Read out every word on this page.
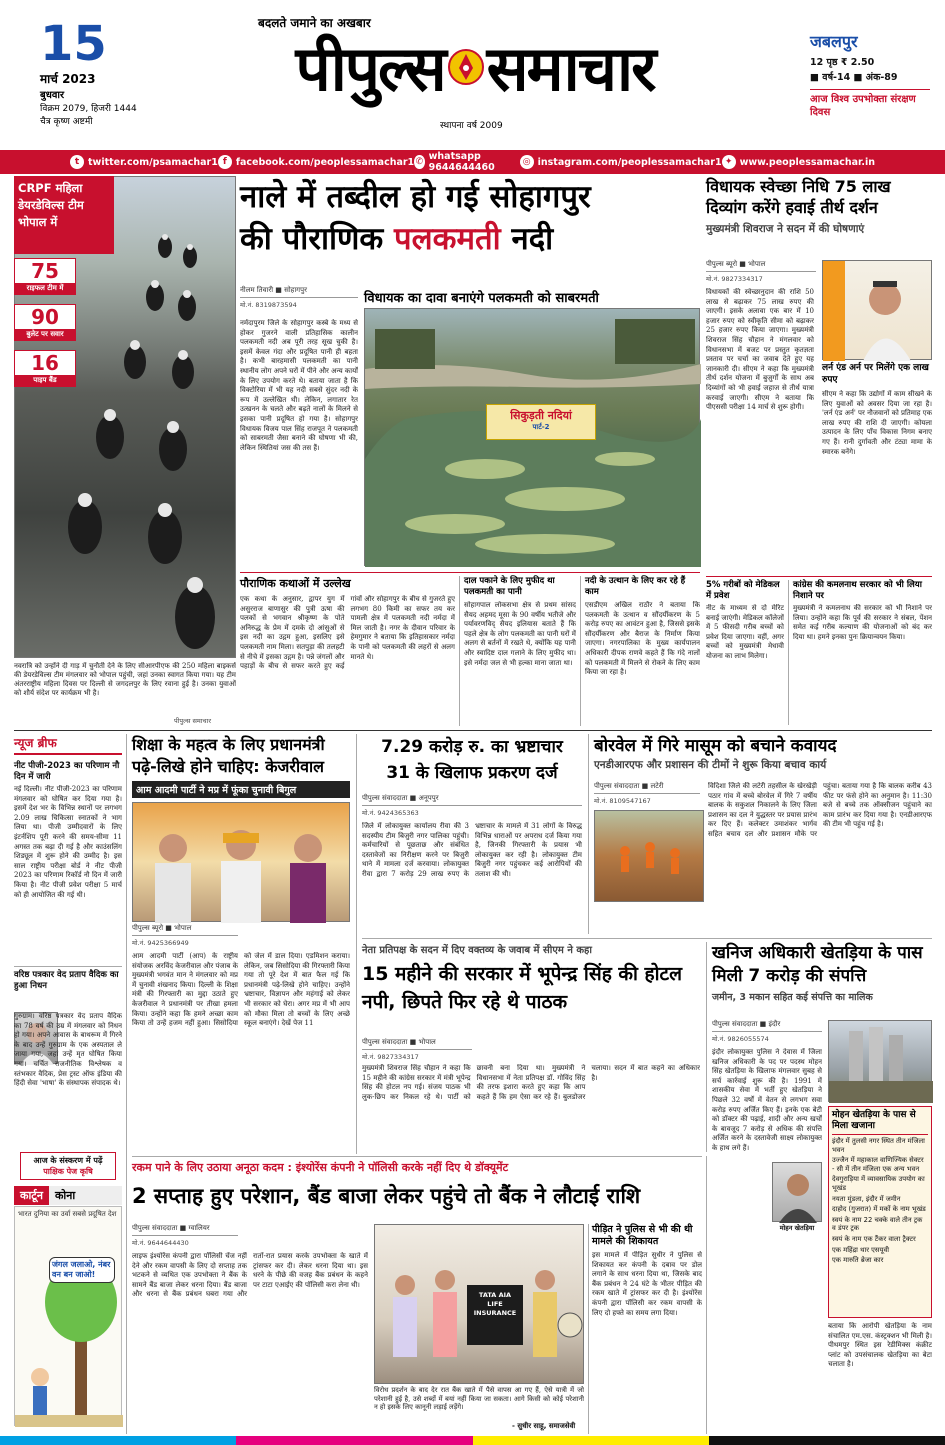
15
मार्च 2023
बुधवार
विक्रम 2079, हिजरी 1444
चैत्र कृष्ण अष्टमी
बदलते जमाने का अखबार
पीपुल्स समाचार
स्थापना वर्ष 2009
जबलपुर
12 पृष्ठ ₹ 2.50
■ वर्ष-14 ■ अंक-89
आज विश्व उपभोक्ता संरक्षण दिवस
t twitter.com/psamachar1 f facebook.com/peoplessamachar1 ✆ whatsapp 9644644460	◎ instagram.com/peoplessamachar1 ✦ www.peoplessamachar.in
CRPF महिला डेयरडेविल्स टीम भोपाल में
75
राइफल टीम में
90
बुलेट पर सवार
16
पाइप बैंड
नवरात्रि को उन्होंने दी गाड़ में चुनौती देने के लिए सीआरपीएफ की 250 महिला बाइकर्स की डेयरडेविल्स टीम मंगलवार को भोपाल पहुंची, जहां उनका स्वागत किया गया। यह टीम अंतरराष्ट्रीय महिला दिवस पर दिल्ली से जगदलपुर के लिए रवाना हुई है। उनका युवाओं को शौर्य संदेश पर कार्यक्रम भी है।
पीपुल्स समाचार
नाले में तब्दील हो गई सोहागपुर
की पौराणिक पलकमती नदी
नीलम तिवारी ■ सोहागपुर
मो.नं. 8319873594	विधायक का दावा बनाएंगे पलकमती को साबरमती
नर्मदापुरम जिले के सोहागपुर कस्बे के मध्य से होकर गुजरने वाली प्रतिहासिक कालीन पलकमती नदी अब पूरी तरह सूख चुकी है। इसमें केवल गंदा और प्रदूषित पानी ही बहता है। कभी बारहमासी पलकमती का पानी स्थानीय लोग अपने घरों में पीने और अन्य कार्यों के लिए उपयोग करते थे। बताया जाता है कि विक्टोरिया में भी यह नदी सबसे सुंदर नदी के रूप में उल्लेखित थी। लेकिन, लगातार रेत उत्खनन के चलते और बढ़ते नालों के मिलने से इसका पानी प्रदूषित हो गया है। सोहागपुर विधायक विजय पाल सिंह राजपूत ने पलकमती को साबरमती जैसा बनाने की घोषणा भी की, लेकिन स्थितियां जस की तस हैं।
सिकुड़ती नदियां
पार्ट-2
पौराणिक कथाओं में उल्लेख
एक कथा के अनुसार, द्वापर युग में असुरराज बाणासुर की पुत्री ऊषा की पलकों से भगवान श्रीकृष्ण के पोते अनिरुद्ध के प्रेम में दमके दो आंसुओं से इस नदी का उद्गम हुआ, इसलिए इसे पलकमती नाम मिला। सतपुड़ा की तलहटी से नीचे में इसका उद्गम है। पन्ने जंगलों और पहाड़ों के बीच से सफर करते हुए कई गांवों और सोहागपुर के बीच से गुजरते हुए लगभग 80 किमी का सफर तय कर पामली क्षेत्र में पलकमती नदी नर्मदा में मिल जाती है। नगर के दीवान परिवार के हेमगुमार ने बताया कि इतिहासकार नर्मदा के पानी को पलकमती की लहरों से अलग मानते थे।
दाल पकाने के लिए मुफीद था पलकमती का पानी
सोहागपाल लोकसभा क्षेत्र से प्रथम सांसद सैयद अहमद मूसा के 90 वर्षीय भतीजे और पर्यावरणविद् सैयद इलियास बताते हैं कि पहले क्षेत्र के लोग पलकमती का पानी घरों में अलग से बर्तनों में रखते थे, क्योंकि यह पानी और स्वादिष्ट दाल गलाने के लिए मुफीद था। इसे नर्मदा जल से भी हल्का माना जाता था।
नदी के उत्थान के लिए कर रहे हैं काम
एसडीएम अखिल राठौर ने बताया कि पलकमती के उत्थान व सौंदर्यीकरण के 5 करोड़ रुपए का आवंटन हुआ है, जिससे इसके सौंदर्यीकरण और बैराज के निर्माण किया जाएगा। नगरपालिका के मुख्य कार्यपालन अधिकारी दीपक राणवे कहते हैं कि गंदे नालों को पलकमती में मिलने से रोकने के लिए काम किया जा रहा है।
विधायक स्वेच्छा निधि 75 लाख दिव्यांग करेंगे हवाई तीर्थ दर्शन
मुख्यमंत्री शिवराज ने सदन में की घोषणाएं
पीपुल्स ब्यूरो ■ भोपाल
मो.नं. 9827334317
विधायकों की स्वेच्छानुदान की राशि 50 लाख से बढ़ाकर 75 लाख रुपए की जाएगी। इसके अलावा एक बार में 10 हजार रुपए को स्वीकृति सीमा को बढ़ाकर 25 हजार रुपए किया जाएगा। मुख्यमंत्री शिवराज सिंह चौहान ने मंगलवार को विधानसभा में बजट पर प्रस्तुत कृतज्ञता प्रस्ताव पर चर्चा का जवाब देते हुए यह जानकारी दी। सीएम ने कहा कि मुख्यमंत्री तीर्थ दर्शन योजना में बुजुर्गों के साथ अब दिव्यांगों को भी हवाई जहाज से तीर्थ यात्रा करवाई जाएगी। सीएम ने बताया कि पीएससी परीक्षा 14 मार्च से शुरू होगी।
लर्न एंड अर्न पर मिलेंगे एक लाख रुपए
सीएम ने कहा कि उद्योगों में काम सीखने के लिए युवाओं को अवसर दिया जा रहा है। 'लर्न एंड अर्न' पर नौजवानों को प्रतिमाह एक लाख रुपए की राशि दी जाएगी। कोयला उत्पादन के लिए पाँच विकास निगम बनाए गए हैं। रानी दुर्गावती और टंट्या मामा के स्मारक बनेंगे।
5% गरीबों को मेडिकल में प्रवेश
नीट के माध्यम से दो मेरिट बनाई जाएंगी। मेडिकल कॉलेजों में 5 फीसदी गरीब बच्चों को प्रवेश दिया जाएगा। वहीं, अगर बच्चों को मुख्यमंत्री मेधावी योजना का लाभ मिलेगा।
कांग्रेस की कमलनाथ सरकार को भी लिया निशाने पर
मुख्यमंत्री ने कमलनाथ की सरकार को भी निशाने पर लिया। उन्होंने कहा कि पूर्व की सरकार ने संबल, पेंशन समेत कई गरीब कल्याण की योजनाओं को बंद कर दिया था। हमने इनका पुनः क्रियान्वयन किया।
न्यूज ब्रीफ
नीट पीजी-2023 का परिणाम नौ दिन में जारी
नई दिल्ली। नीट पीजी-2023 का परिणाम मंगलवार को घोषित कर दिया गया है। इसमें देश भर के विभिन्न स्थानों पर लगभग 2.09 लाख चिकित्सा स्नातकों ने भाग लिया था। पीजी उम्मीदवारों के लिए इंटर्नशिप पूरी करने की समय-सीमा 11 अगस्त तक बढ़ा दी गई है और काउंसलिंग शिड्यूल में शुरू होने की उम्मीद है। इस साल राष्ट्रीय परीक्षा बोर्ड ने नीट पीजी 2023 का परिणाम रिकॉर्ड नौ दिन में जारी किया है। नीट पीजी प्रवेश परीक्षा 5 मार्च को ही आयोजित की गई थी।
वरिष्ठ पत्रकार वेद प्रताप वैदिक का हुआ निधन
गुरुग्राम। वरिष्ठ पत्रकार वेद प्रताप वैदिक का 78 वर्ष की उम्र में मंगलवार को निधन हो गया। अपने आवास के बाथरूम में गिरने के बाद उन्हें गुरुग्राम के एक अस्पताल ले जाया गया, जहां उन्हें मृत घोषित किया गया। चर्चित राजनीतिक विश्लेषक व स्तंभकार वैदिक, प्रेस ट्रस्ट ऑफ इंडिया की हिंदी सेवा 'भाषा' के संस्थापक संपादक थे।
आज के संस्करण में पढ़ें
पाक्षिक पेज कृषि
कार्टून	कोना
भारत दुनिया का उर्वा सबसे प्रदूषित देश
जंगल जलाओ, नंबर वन बन जाओ!
शिक्षा के महत्व के लिए प्रधानमंत्री पढ़े-लिखे होने चाहिए: केजरीवाल
आम आदमी पार्टी ने मप्र में फूंका चुनावी बिगुल
पीपुल्स ब्यूरो ■ भोपाल
मो.नं. 9425366949
आम आदमी पार्टी (आप) के राष्ट्रीय संयोजक अरविंद केजरीवाल और पंजाब के मुख्यमंत्री भगवंत मान ने मंगलवार को मप्र में चुनावी शंखनाद किया। दिल्ली के शिक्षा मंत्री की गिरफ्तारी का मुद्दा उठाते हुए केजरीवाल ने प्रधानमंत्री पर तीखा हमला किया। उन्होंने कहा कि हमने अच्छा काम किया तो उन्हें हजम नहीं हुआ। सिसोदिया को जेल में डाल दिया। एडमिशन कराया। लेकिन, जब सिसोदिया की गिरफ्तारी किया गया तो पूरे देश में बात फैल गई कि प्रधानमंत्री पढ़े-लिखे होने चाहिए। उन्होंने भ्रष्टाचार, विज्ञापन और महंगाई को लेकर भी सरकार को घेरा। अगर मप्र में भी आप को मौका मिला तो बच्चों के लिए अच्छे स्कूल बनाएंगे। देखें पेज 11
7.29 करोड़ रु. का भ्रष्टाचार
31 के खिलाफ प्रकरण दर्ज
पीपुल्स संवाददाता ■ अनूपपुर
मो.नं. 9424365363
जिले में लोकायुक्त कार्यालय रीवा की 3 सदस्यीय टीम बिजुरी नगर पालिका पहुंची। कर्मचारियों से पूछताछ और संबंधित दस्तावेजों का निरीक्षण करने पर बिजुरी थाने में मामला दर्ज करवाया। लोकायुक्त रीवा द्वारा 7 करोड़ 29 लाख रुपए के भ्रष्टाचार के मामले में 31 लोगों के विरुद्ध विभिन्न धाराओं पर अपराध दर्ज किया गया है, जिनकी गिरफ्तारी के प्रयास भी लोकायुक्त कर रही है। लोकायुक्त टीम बिजुरी नगर पहुंचकर कई आरोपियों की तलाश की थी।
बोरवेल में गिरे मासूम को बचाने कवायद
एनडीआरएफ और प्रशासन की टीमों ने शुरू किया बचाव कार्य
पीपुल्स संवाददाता ■ लटेरी
मो.नं. 8109547167
विदिशा जिले की लटेरी तहसील के खेरखेड़ी पठार गांव में बच्चे बोरवेल में गिरे 7 वर्षीय बालक के सकुशल निकालने के लिए जिला प्रशासन का दल ने युद्धस्तर पर प्रयास प्रारंभ कर दिए हैं। कलेक्टर उमाशंकर भार्गव सहित बचाव दल और प्रशासन मौके पर पहुंचा। बताया गया है कि बालक करीब 43 फीट पर फंसे होने का अनुमान है। 11:30 बजे से बच्चे तक ऑक्सीजन पहुंचाने का काम प्रारंभ कर दिया गया है। एनडीआरएफ की टीम भी पहुंच गई है।
नेता प्रतिपक्ष के सदन में दिए वक्तव्य के जवाब में सीएम ने कहा
15 महीने की सरकार में भूपेन्द्र सिंह की होटल नपी, छिपते फिर रहे थे पाठक
पीपुल्स संवाददाता ■ भोपाल
मो.नं. 9827334317
मुख्यमंत्री शिवराज सिंह चौहान ने कहा कि 15 महीने की कांग्रेस सरकार में मंत्री भूपेन्द्र सिंह की होटल नप गई। संजय पाठक भी लुक-छिप कर निकल रहे थे। पार्टी को छावनी बना दिया था। मुख्यमंत्री ने विधानसभा में नेता प्रतिपक्ष डॉ. गोविंद सिंह की तरफ इशारा करते हुए कहा कि आप कहते हैं कि हम ऐसा कर रहे हैं। बुलडोजर चलाया। सदन में बात कहने का अधिकार है।
खनिज अधिकारी खेतड़िया के पास मिली 7 करोड़ की संपत्ति
जमीन, 3 मकान सहित कई संपत्ति का मालिक
पीपुल्स संवाददाता ■ इंदौर
मो.नं. 9826055574
इंदौर लोकायुक्त पुलिस ने देवास में जिला खनिज अधिकारी के पद पर पदस्थ मोहन सिंह खेतड़िया के खिलाफ मंगलवार सुबह से सर्च कार्रवाई शुरू की है। 1991 में शासकीय सेवा में भर्ती हुए खेतड़िया ने पिछले 32 वर्षों में वेतन से लगभग सवा करोड़ रुपए अर्जित किए हैं। इनके एक बेटी को डॉक्टर की पढ़ाई, शादी और अन्य खर्चों के बावजूद 7 करोड़ से अधिक की संपत्ति अर्जित करने के दस्तावेजी साक्ष्य लोकायुक्त के हाथ लगे हैं।
मोहन खेतड़िया
मोहन खेतड़िया के पास से मिला खजाना
इंदौर में तुलसी नगर स्थित तीन मंजिला भवन
उज्जैन में महाकाल वाणिज्यिक सेक्टर - सी में तीन मंजिला एक अन्य भवन
देवगुराड़िया में व्यावसायिक उपयोग का भूखंड
नयता मुंडला, इंदौर में जमीन
दाहोद (गुजरात) में मकों के नाम भूखंड
स्वयं के नाम 22 चक्के वाले तीन ट्रक व डंपर ट्रक
स्वयं के नाम एक टैंकर वाला ट्रैक्टर
एक महिंद्रा थार एसयूवी
एक मारुति ब्रेजा कार
बताया कि आरोपी खेतड़िया के नाम संचालित एम.एस. कंस्ट्रक्शन भी मिली है। पीथमपुर स्थित इस रेडीमिक्स कंक्रीट प्लांट को उपसंचालक खेतड़िया का बेटा चलाता है।
रकम पाने के लिए उठाया अनूठा कदम : इंश्योरेंस कंपनी ने पॉलिसी करके नहीं दिए थे डॉक्यूमेंट
2 सप्ताह हुए परेशान, बैंड बाजा लेकर पहुंचे तो बैंक ने लौटाई राशि
पीपुल्स संवाददाता ■ ग्वालियर
मो.नं. 9644644430
लाइफ इंश्योरेंस कंपनी द्वारा पॉलिसी चेंज नहीं देने और रकम वापसी के लिए दो सप्ताह तक भटकने से व्यथित एक उपभोक्ता ने बैंक के सामने बैंड बाजा लेकर धरना दिया। बैंड बाजा और धरना से बैंक प्रबंधन घबरा गया और रातों-रात प्रयास करके उपभोक्ता के खाते में ट्रांसफर कर दी। लेकर धरना दिया था। इस धरने के पीछे की वजह बैंक प्रबंधन के कहने पर टाटा एआईए की पॉलिसी करा लेना थी।
TATA AIA LIFE INSURANCE
विरोध प्रदर्शन के बाद देर रात बैंक खाते में पैसे वापस आ गए हैं, ऐसे यात्री में जो परेशानी हुई है, उसे शब्दों में बयां नहीं किया जा सकता। आगे किसी को कोई परेशानी न हो इसके लिए कानूनी लड़ाई लड़ेंगे।
- सुधीर साहू, समाजसेवी
पीड़ित ने पुलिस से भी की थी मामले की शिकायत
इस मामले में पीड़ित सुधीर ने पुलिस से शिकायत कर कंपनी के दबाव पर डोल लगाने के साथ धरना दिया था, जिसके बाद बैंक प्रबंधन ने 24 घंटे के भीतर पीड़ित की रकम खाते में ट्रांसफर कर दी है। इंश्योरेंस कंपनी द्वारा पॉलिसी कर रकम वापसी के लिए दो हफ्ते का समय लगा दिया।
